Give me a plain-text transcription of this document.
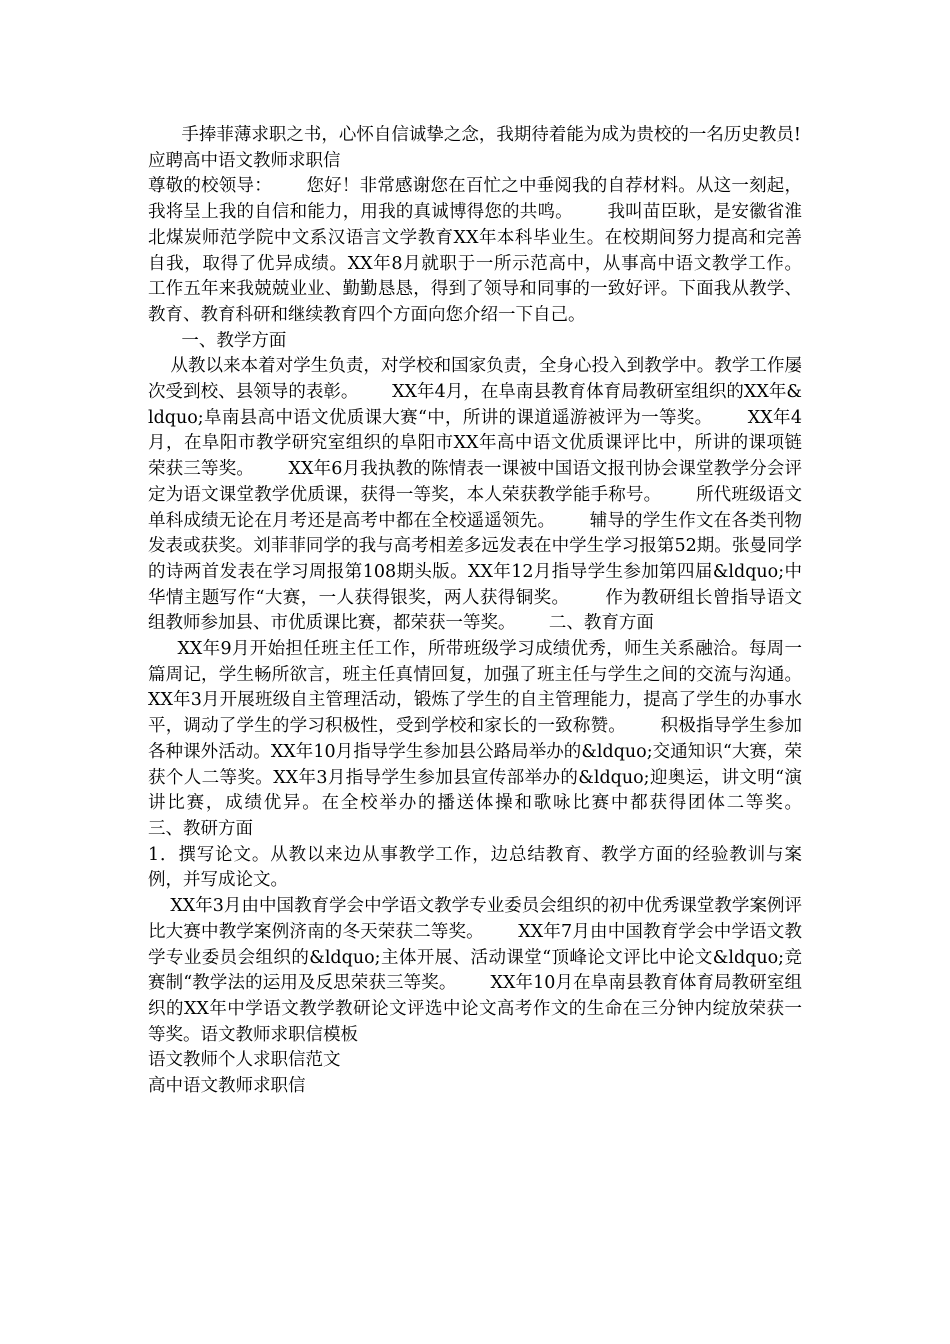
手捧菲薄求职之书，心怀自信诚挚之念，我期待着能为成为贵校的一名历史教员!

应聘高中语文教师求职信

尊敬的校领导：      您好！非常感谢您在百忙之中垂阅我的自荐材料。从这一刻起，我将呈上我的自信和能力，用我的真诚博得您的共鸣。      我叫苗臣耿，是安徽省淮北煤炭师范学院中文系汉语言文学教育XX年本科毕业生。在校期间努力提高和完善自我，取得了优异成绩。XX年8月就职于一所示范高中，从事高中语文教学工作。      工作五年来我兢兢业业、勤勤恳恳，得到了领导和同事的一致好评。下面我从教学、教育、教育科研和继续教育四个方面向您介绍一下自己。

一、教学方面

从教以来本着对学生负责，对学校和国家负责，全身心投入到教学中。教学工作屡次受到校、县领导的表彰。      XX年4月，在阜南县教育体育局教研室组织的XX年&ldquo;阜南县高中语文优质课大赛“中，所讲的课道遥游被评为一等奖。      XX年4月，在阜阳市教学研究室组织的阜阳市XX年高中语文优质课评比中，所讲的课项链荣获三等奖。      XX年6月我执教的陈情表一课被中国语文报刊协会课堂教学分会评定为语文课堂教学优质课，获得一等奖，本人荣获教学能手称号。      所代班级语文单科成绩无论在月考还是高考中都在全校遥遥领先。      辅导的学生作文在各类刊物发表或获奖。刘菲菲同学的我与高考相差多远发表在中学生学习报第52期。张曼同学的诗两首发表在学习周报第108期头版。XX年12月指导学生参加第四届&ldquo;中华情主题写作“大赛，一人获得银奖，两人获得铜奖。      作为教研组长曾指导语文组教师参加县、市优质课比赛，都荣获一等奖。      二、教育方面

XX年9月开始担任班主任工作，所带班级学习成绩优秀，师生关系融洽。每周一篇周记，学生畅所欲言，班主任真情回复，加强了班主任与学生之间的交流与沟通。      XX年3月开展班级自主管理活动，锻炼了学生的自主管理能力，提高了学生的办事水平，调动了学生的学习积极性，受到学校和家长的一致称赞。      积极指导学生参加各种课外活动。XX年10月指导学生参加县公路局举办的&ldquo;交通知识“大赛，荣获个人二等奖。XX年3月指导学生参加县宣传部举办的&ldquo;迎奥运，讲文明“演讲比赛，成绩优异。在全校举办的播送体操和歌咏比赛中都获得团体二等奖。      三、教研方面

1．撰写论文。从教以来边从事教学工作，边总结教育、教学方面的经验教训与案例，并写成论文。

XX年3月由中国教育学会中学语文教学专业委员会组织的初中优秀课堂教学案例评比大赛中教学案例济南的冬天荣获二等奖。      XX年7月由中国教育学会中学语文教学专业委员会组织的&ldquo;主体开展、活动课堂“顶峰论文评比中论文&ldquo;竞赛制“教学法的运用及反思荣获三等奖。      XX年10月在阜南县教育体育局教研室组织的XX年中学语文教学教研论文评选中论文高考作文的生命在三分钟内绽放荣获一等奖。语文教师求职信模板

语文教师个人求职信范文

高中语文教师求职信
